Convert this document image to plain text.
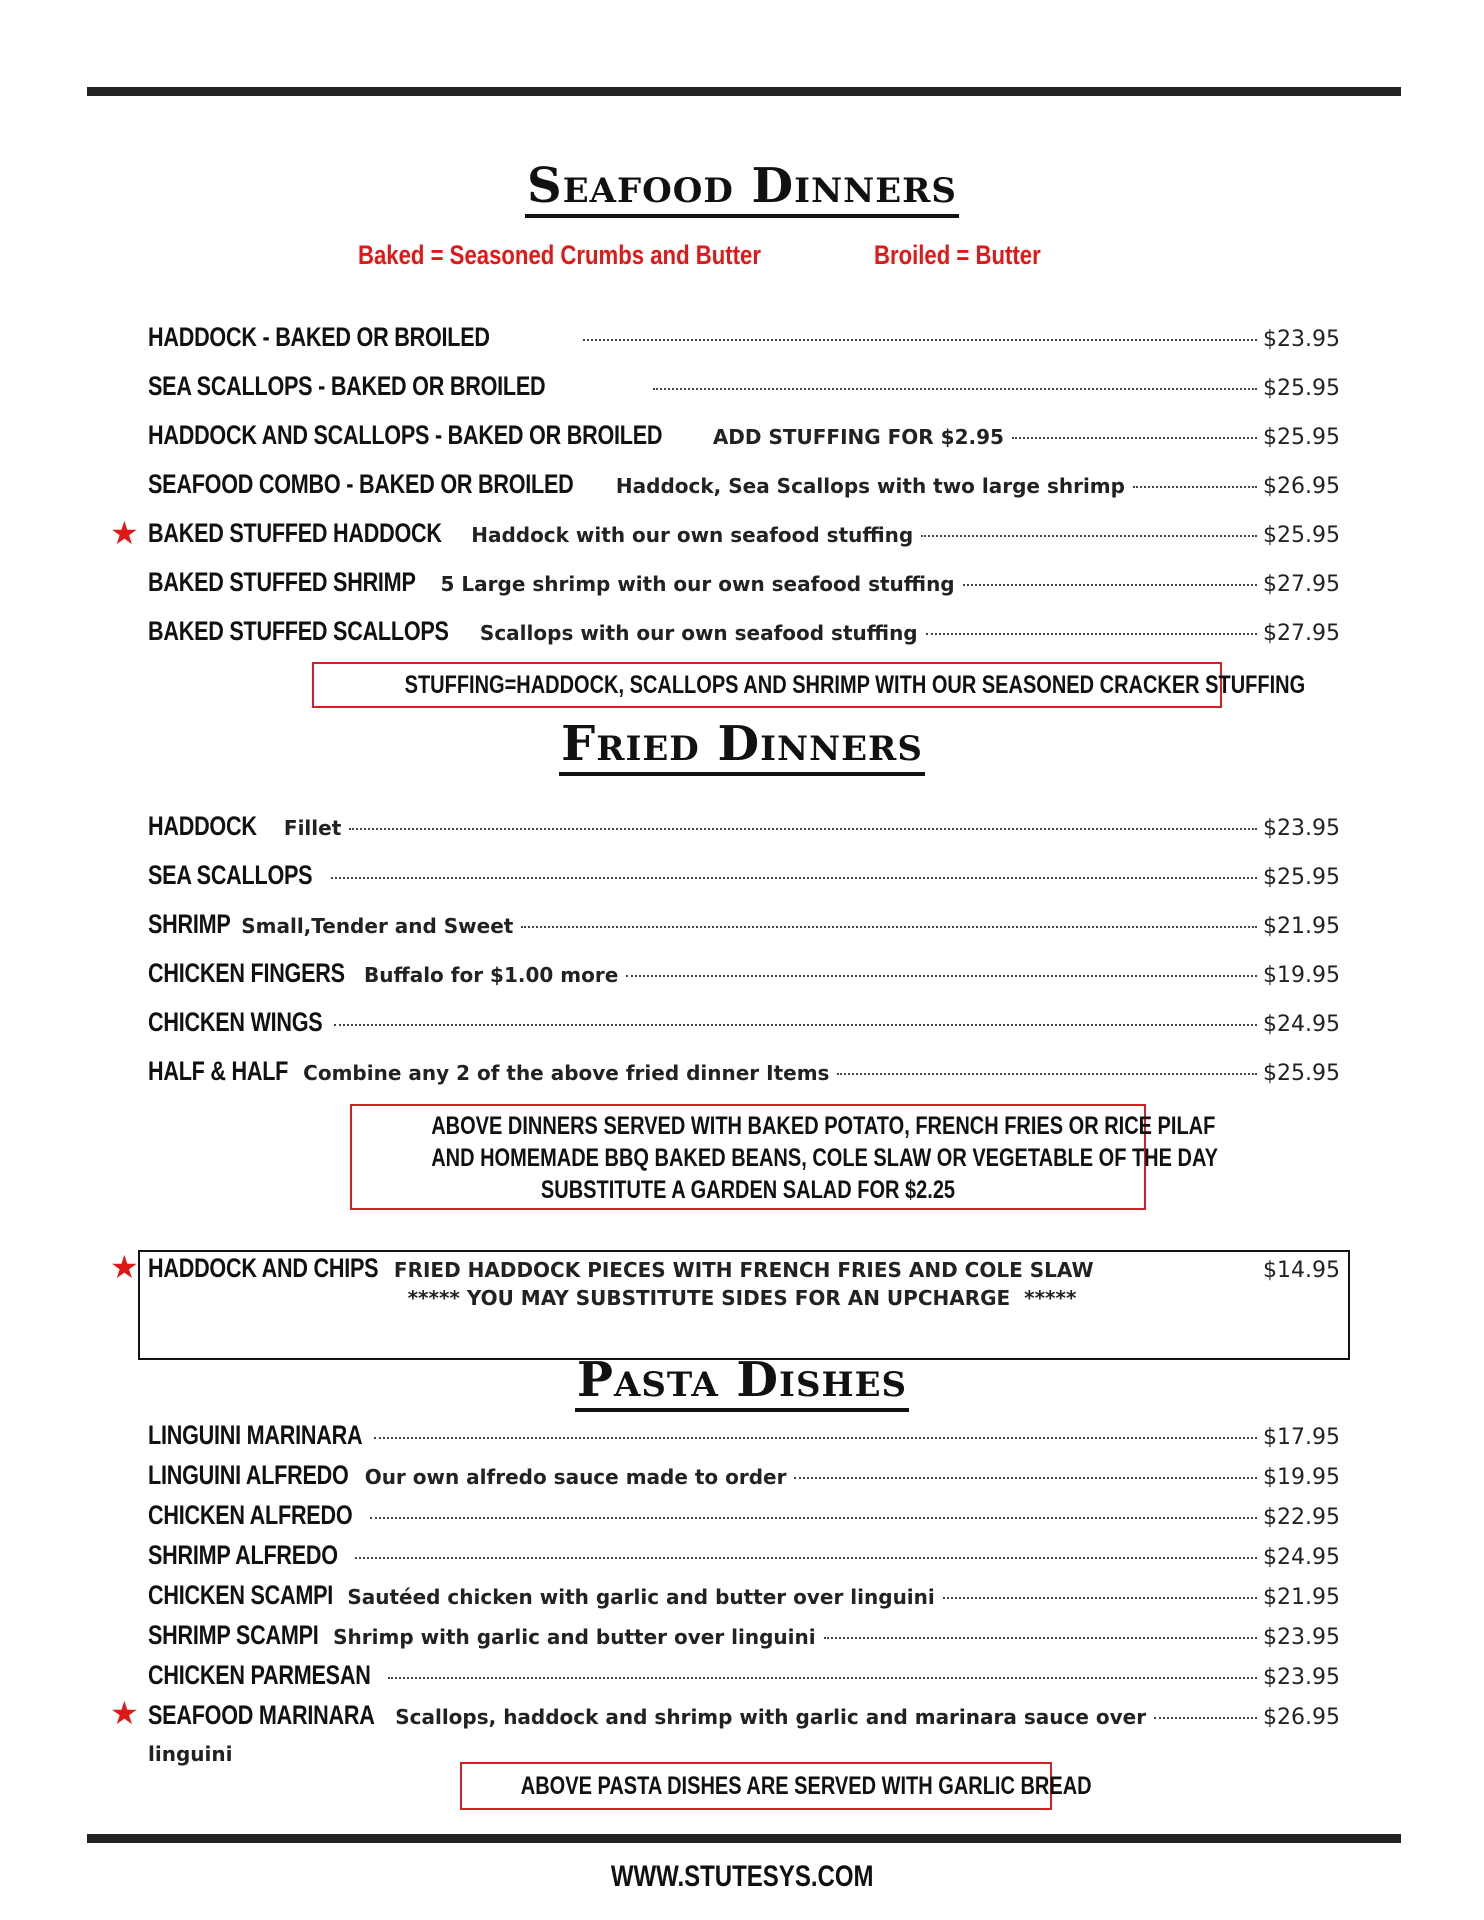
Seafood Dinners
Baked = Seasoned Crumbs and Butter	Broiled = Butter
HADDOCK - BAKED OR BROILED	$23.95
SEA SCALLOPS - BAKED OR BROILED	$25.95
HADDOCK AND SCALLOPS - BAKED OR BROILED	ADD STUFFING FOR $2.95	$25.95
SEAFOOD COMBO - BAKED OR BROILED Haddock, Sea Scallops with two large shrimp	$26.95
★ BAKED STUFFED HADDOCK Haddock with our own seafood stuffing	$25.95
BAKED STUFFED SHRIMP 5 Large shrimp with our own seafood stuffing	$27.95
BAKED STUFFED SCALLOPS Scallops with our own seafood stuffing	$27.95
STUFFING=HADDOCK, SCALLOPS AND SHRIMP WITH OUR SEASONED CRACKER STUFFING
Fried Dinners
HADDOCK Fillet	$23.95
SEA SCALLOPS	$25.95
SHRIMP Small,Tender and Sweet	$21.95
CHICKEN FINGERS Buffalo for $1.00 more	$19.95
CHICKEN WINGS	$24.95
HALF & HALF Combine any 2 of the above fried dinner Items	$25.95
ABOVE DINNERS SERVED WITH BAKED POTATO, FRENCH FRIES OR RICE PILAF
AND HOMEMADE BBQ BAKED BEANS, COLE SLAW OR VEGETABLE OF THE DAY
SUBSTITUTE A GARDEN SALAD FOR $2.25
★ HADDOCK AND CHIPS FRIED HADDOCK PIECES WITH FRENCH FRIES AND COLE SLAW	$14.95
***** YOU MAY SUBSTITUTE SIDES FOR AN UPCHARGE  *****
Pasta Dishes
LINGUINI MARINARA	$17.95
LINGUINI ALFREDO Our own alfredo sauce made to order	$19.95
CHICKEN ALFREDO	$22.95
SHRIMP ALFREDO	$24.95
CHICKEN SCAMPI Sautéed chicken with garlic and butter over linguini	$21.95
SHRIMP SCAMPI Shrimp with garlic and butter over linguini	$23.95
CHICKEN PARMESAN	$23.95
★ SEAFOOD MARINARA Scallops, haddock and shrimp with garlic and marinara sauce over	$26.95
linguini
ABOVE PASTA DISHES ARE SERVED WITH GARLIC BREAD
WWW.STUTESYS.COM
